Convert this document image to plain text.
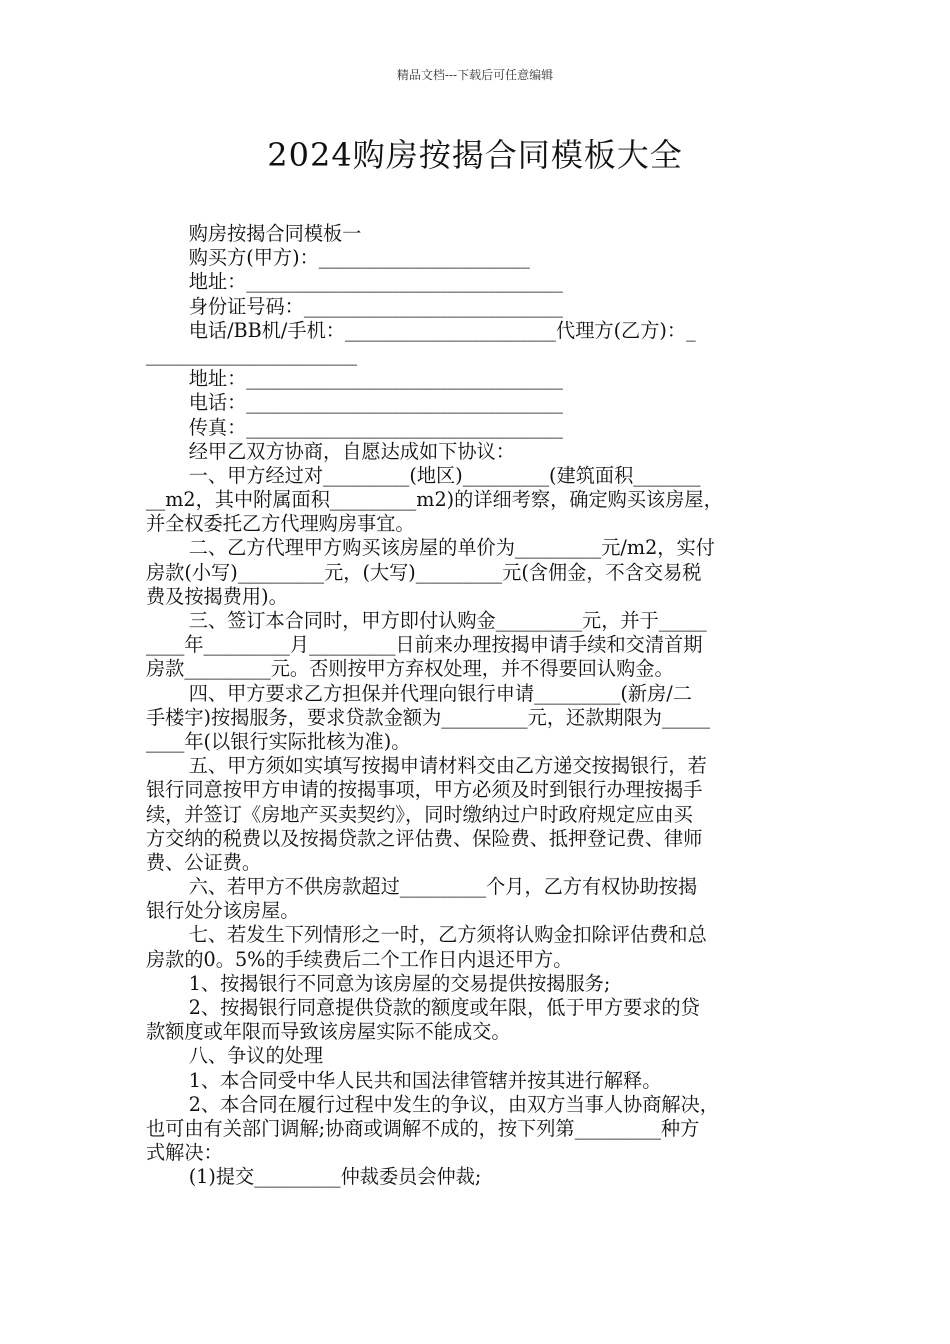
精品文档---下载后可任意编辑
2024购房按揭合同模板大全
购房按揭合同模板一
购买方(甲方)：______________________
地址：_________________________________
身份证号码：___________________________
电话/BB机/手机：______________________代理方(乙方)：_
______________________
地址：_________________________________
电话：_________________________________
传真：_________________________________
经甲乙双方协商，自愿达成如下协议：
一、甲方经过对_________(地区)_________(建筑面积_______
__m2，其中附属面积_________m2)的详细考察，确定购买该房屋，
并全权委托乙方代理购房事宜。
二、乙方代理甲方购买该房屋的单价为_________元/m2，实付
房款(小写)_________元，(大写)_________元(含佣金，不含交易税
费及按揭费用)。
三、签订本合同时，甲方即付认购金_________元，并于_____
____年_________月_________日前来办理按揭申请手续和交清首期
房款_________元。否则按甲方弃权处理，并不得要回认购金。
四、甲方要求乙方担保并代理向银行申请_________(新房/二
手楼宇)按揭服务，要求贷款金额为_________元，还款期限为_____
____年(以银行实际批核为准)。
五、甲方须如实填写按揭申请材料交由乙方递交按揭银行，若
银行同意按甲方申请的按揭事项，甲方必须及时到银行办理按揭手
续，并签订《房地产买卖契约》，同时缴纳过户时政府规定应由买
方交纳的税费以及按揭贷款之评估费、保险费、抵押登记费、律师
费、公证费。
六、若甲方不供房款超过_________个月，乙方有权协助按揭
银行处分该房屋。
七、若发生下列情形之一时，乙方须将认购金扣除评估费和总
房款的0。5%的手续费后二个工作日内退还甲方。
1、按揭银行不同意为该房屋的交易提供按揭服务;
2、按揭银行同意提供贷款的额度或年限，低于甲方要求的贷
款额度或年限而导致该房屋实际不能成交。
八、争议的处理
1、本合同受中华人民共和国法律管辖并按其进行解释。
2、本合同在履行过程中发生的争议，由双方当事人协商解决，
也可由有关部门调解;协商或调解不成的，按下列第_________种方
式解决：
(1)提交_________仲裁委员会仲裁;
